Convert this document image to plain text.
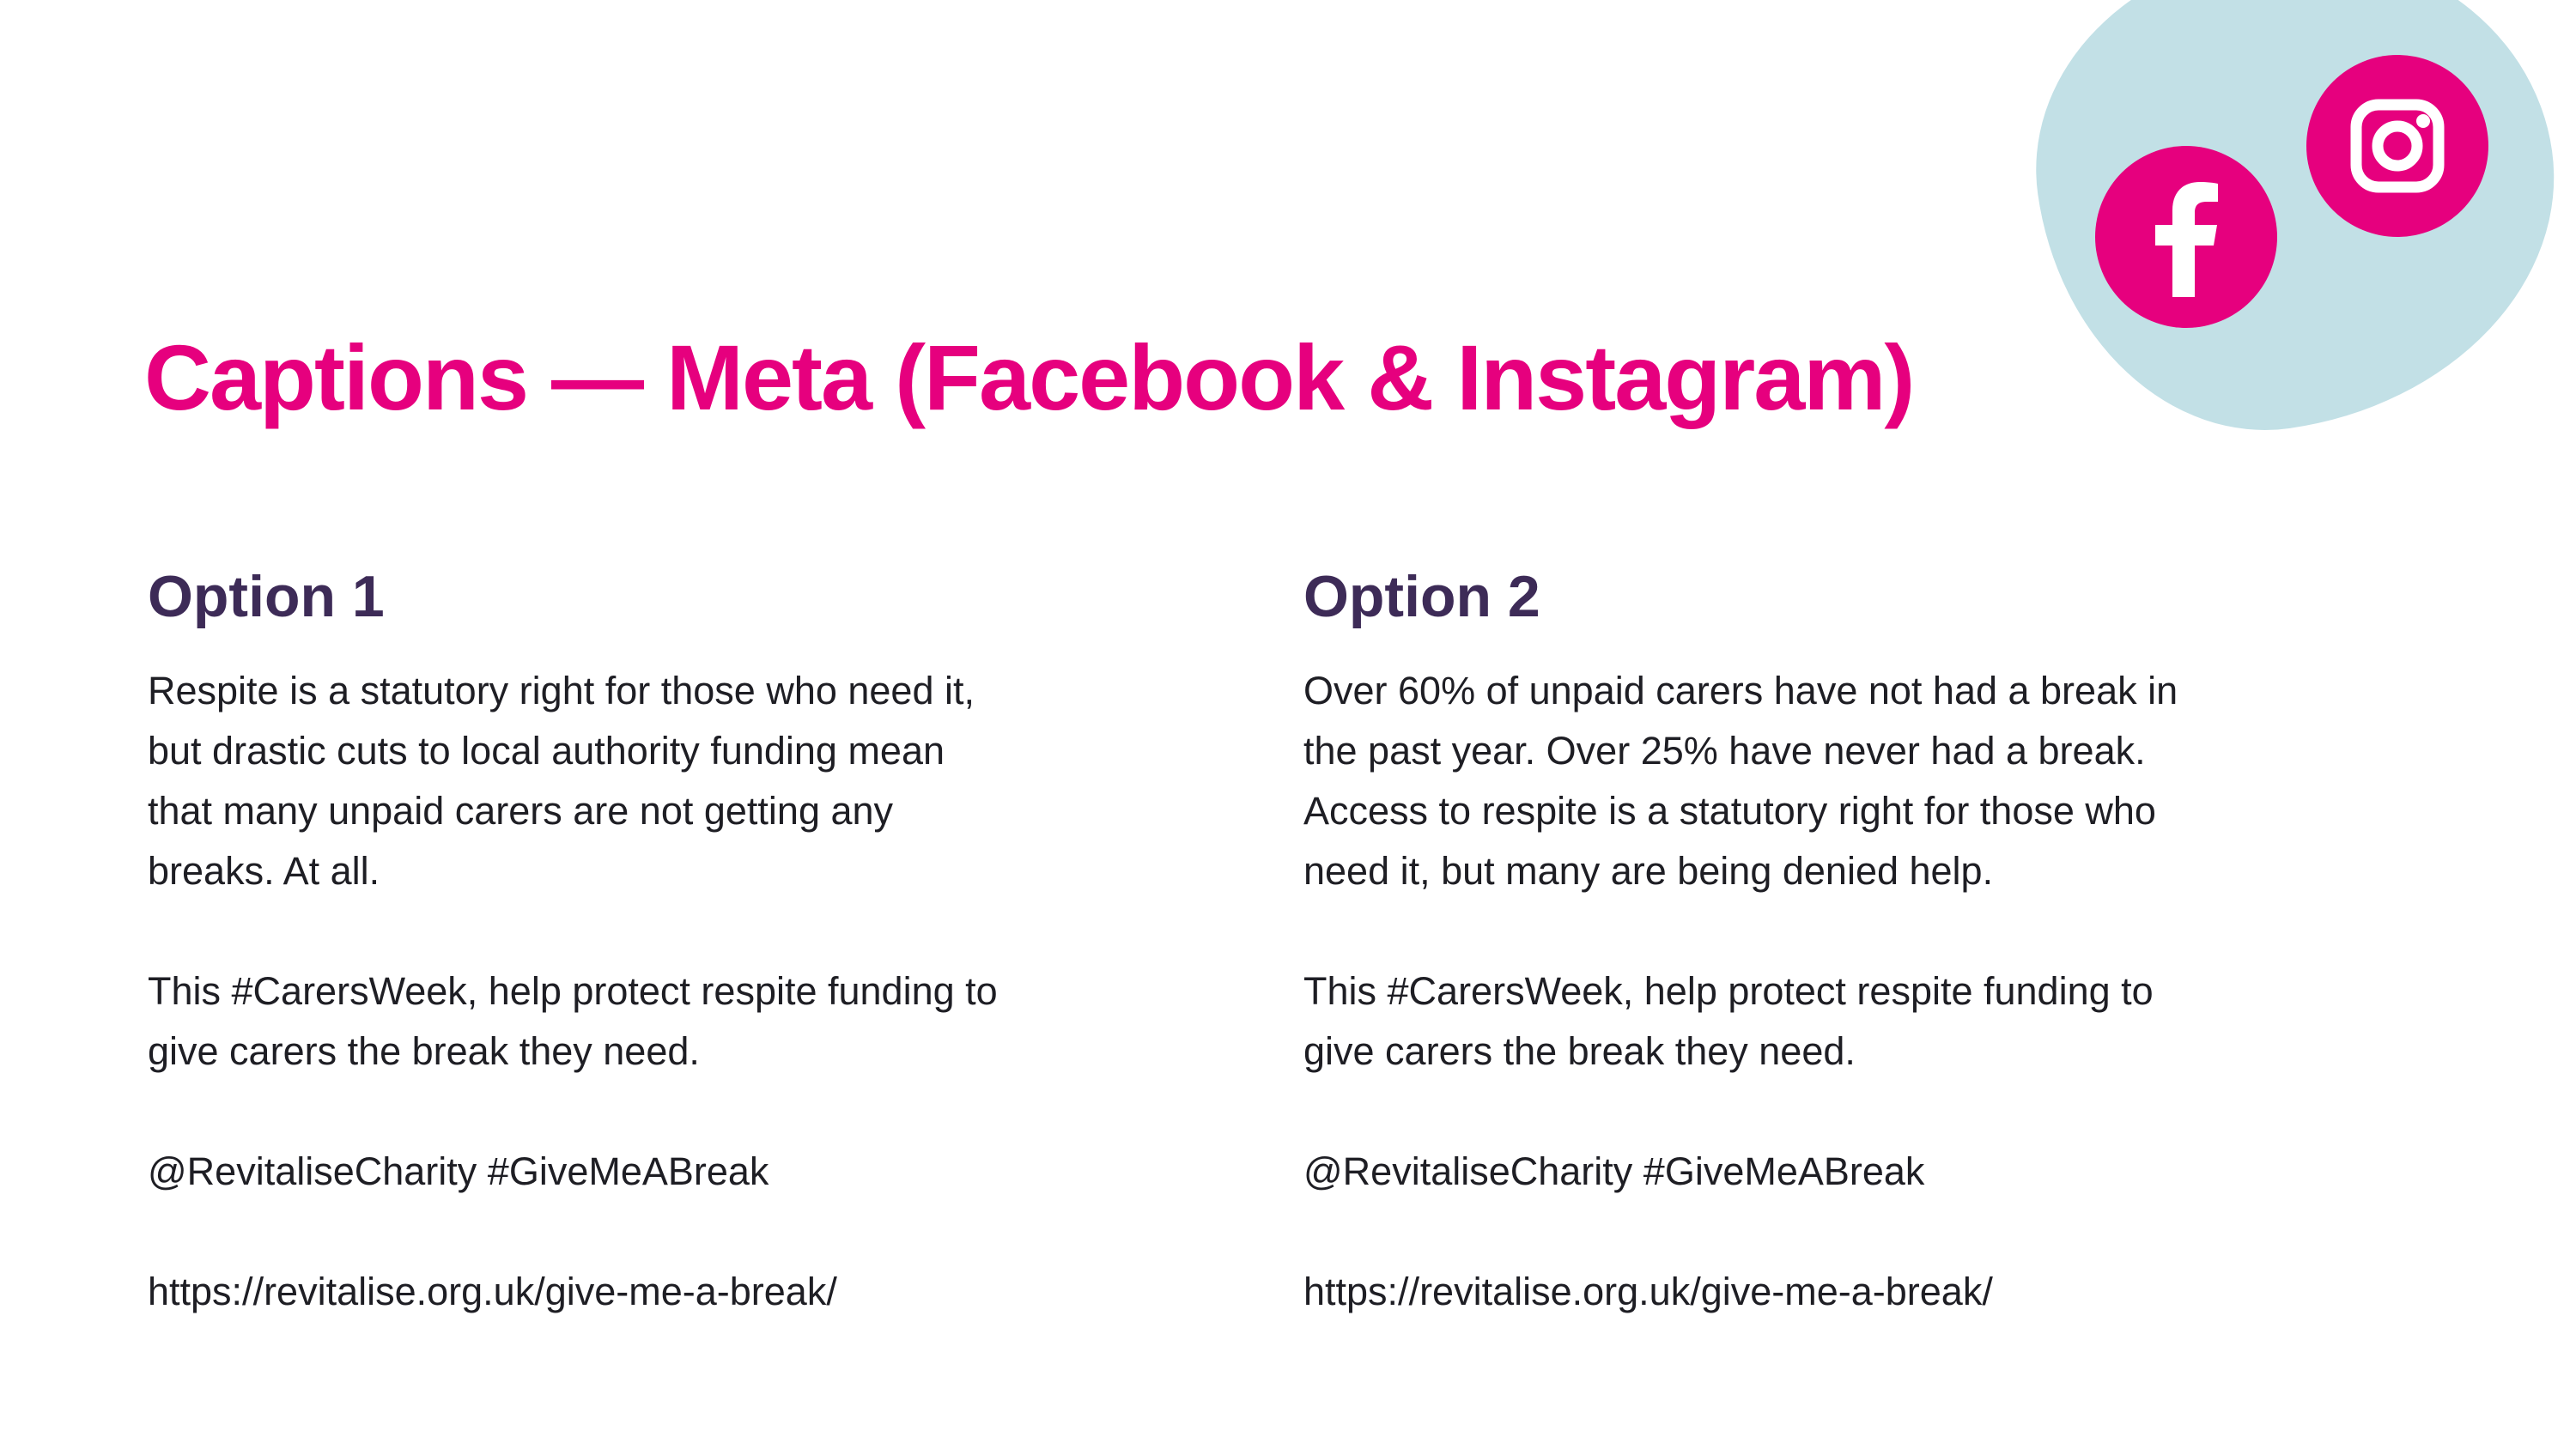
Captions — Meta (Facebook & Instagram)
Option 1

Respite is a statutory right for those who need it,
but drastic cuts to local authority funding mean
that many unpaid carers are not getting any
breaks. At all.

This #CarersWeek, help protect respite funding to
give carers the break they need.

@RevitaliseCharity #GiveMeABreak

https://revitalise.org.uk/give-me-a-break/

Option 2

Over 60% of unpaid carers have not had a break in
the past year. Over 25% have never had a break.
Access to respite is a statutory right for those who
need it, but many are being denied help.

This #CarersWeek, help protect respite funding to
give carers the break they need.

@RevitaliseCharity #GiveMeABreak

https://revitalise.org.uk/give-me-a-break/
